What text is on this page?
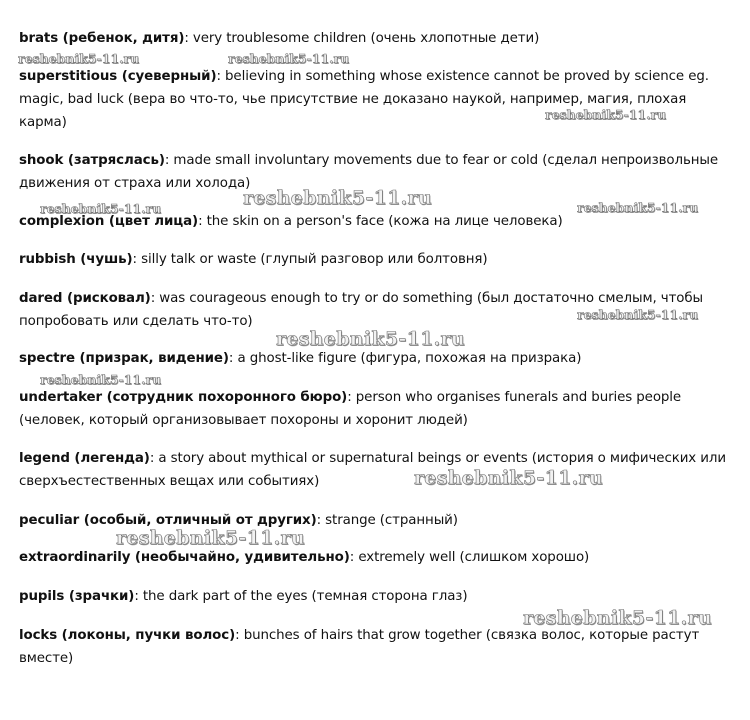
brats (ребенок, дитя): very troublesome children (очень хлопотные дети)
superstitious (суеверный): believing in something whose existence cannot be proved by science eg. magic, bad luck (вера во что-то, чье присутствие не доказано наукой, например, магия, плохая карма)
shook (затряслась): made small involuntary movements due to fear or cold (сделал непроизвольные движения от страха или холода)
complexion (цвет лица): the skin on a person's face (кожа на лице человека)
rubbish (чушь): silly talk or waste (глупый разговор или болтовня)
dared (рисковал): was courageous enough to try or do something (был достаточно смелым, чтобы попробовать или сделать что-то)
spectre (призрак, видение): a ghost-like figure (фигура, похожая на призрака)
undertaker (сотрудник похоронного бюро): person who organises funerals and buries people (человек, который организовывает похороны и хоронит людей)
legend (легенда): a story about mythical or supernatural beings or events (история о мифических или сверхъестественных вещах или событиях)
peculiar (особый, отличный от других): strange (странный)
extraordinarily (необычайно, удивительно): extremely well (слишком хорошо)
pupils (зрачки): the dark part of the eyes (темная сторона глаз)
locks (локоны, пучки волос): bunches of hairs that grow together (связка волос, которые растут вместе)
reshebnik5-11.ru	reshebnik5-11.ru
reshebnik5-11.ru
reshebnik5-11.ru
reshebnik5-11.ru	reshebnik5-11.ru
reshebnik5-11.ru
reshebnik5-11.ru
reshebnik5-11.ru
reshebnik5-11.ru
reshebnik5-11.ru
reshebnik5-11.ru
